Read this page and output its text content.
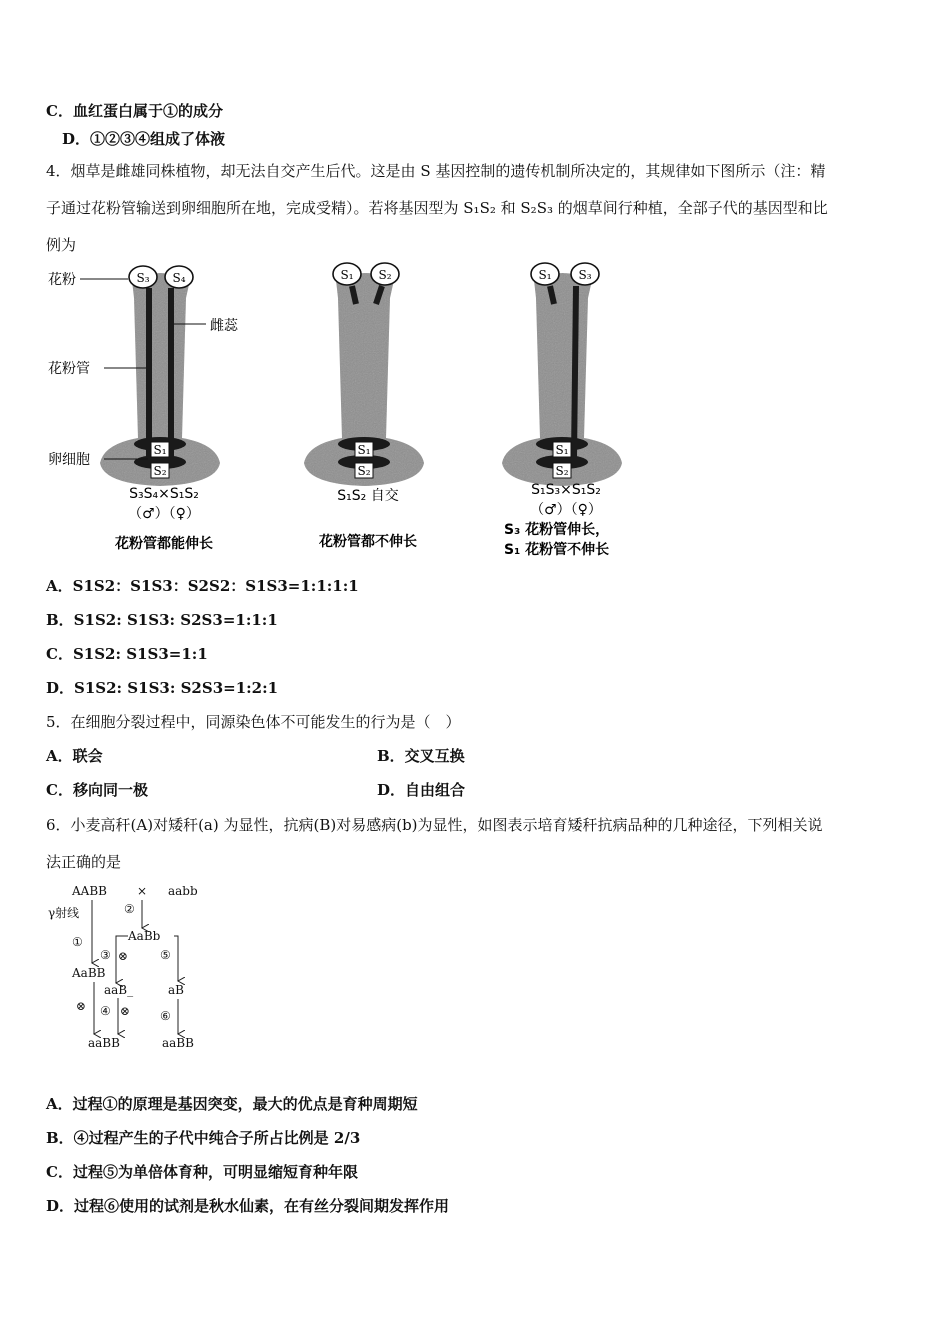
C．血红蛋白属于①的成分
D．①②③④组成了体液
4．烟草是雌雄同株植物，却无法自交产生后代。这是由 S 基因控制的遗传机制所决定的，其规律如下图所示（注：精
子通过花粉管输送到卵细胞所在地，完成受精）。若将基因型为 S₁S₂ 和 S₂S₃ 的烟草间行种植，全部子代的基因型和比
例为
S₃ S₄
S₁
S₂
花粉
雌蕊
花粉管
卵细胞
S₃S₄×S₁S₂
（♂）（♀）
花粉管都能伸长
S₁ S₂
S₁
S₂
S₁S₂ 自交
花粉管都不伸长
S₁ S₃
S₁
S₂
S₁S₃×S₁S₂
（♂）（♀）
S₃ 花粉管伸长，
S₁ 花粉管不伸长
A．S1S2：S1S3：S2S2：S1S3=1:1:1:1
B．S1S2: S1S3: S2S3=1:1:1
C．S1S2: S1S3=1:1
D．S1S2: S1S3: S2S3=1:2:1
5．在细胞分裂过程中，同源染色体不可能发生的行为是（　）
A．联会	B．交叉互换
C．移向同一极	D．自由组合
6．小麦高秆(A)对矮秆(a) 为显性，抗病(B)对易感病(b)为显性，如图表示培育矮秆抗病品种的几种途径，下列相关说
法正确的是
AABB	× aabb
γ射线	②
①	AaBb
③ ⊗	⑤
AaBB
aaB_	aB
⊗ ④ ⊗ ⑥
aaBB	aaBB
A．过程①的原理是基因突变，最大的优点是育种周期短
B．④过程产生的子代中纯合子所占比例是 2/3
C．过程⑤为单倍体育种，可明显缩短育种年限
D．过程⑥使用的试剂是秋水仙素，在有丝分裂间期发挥作用
